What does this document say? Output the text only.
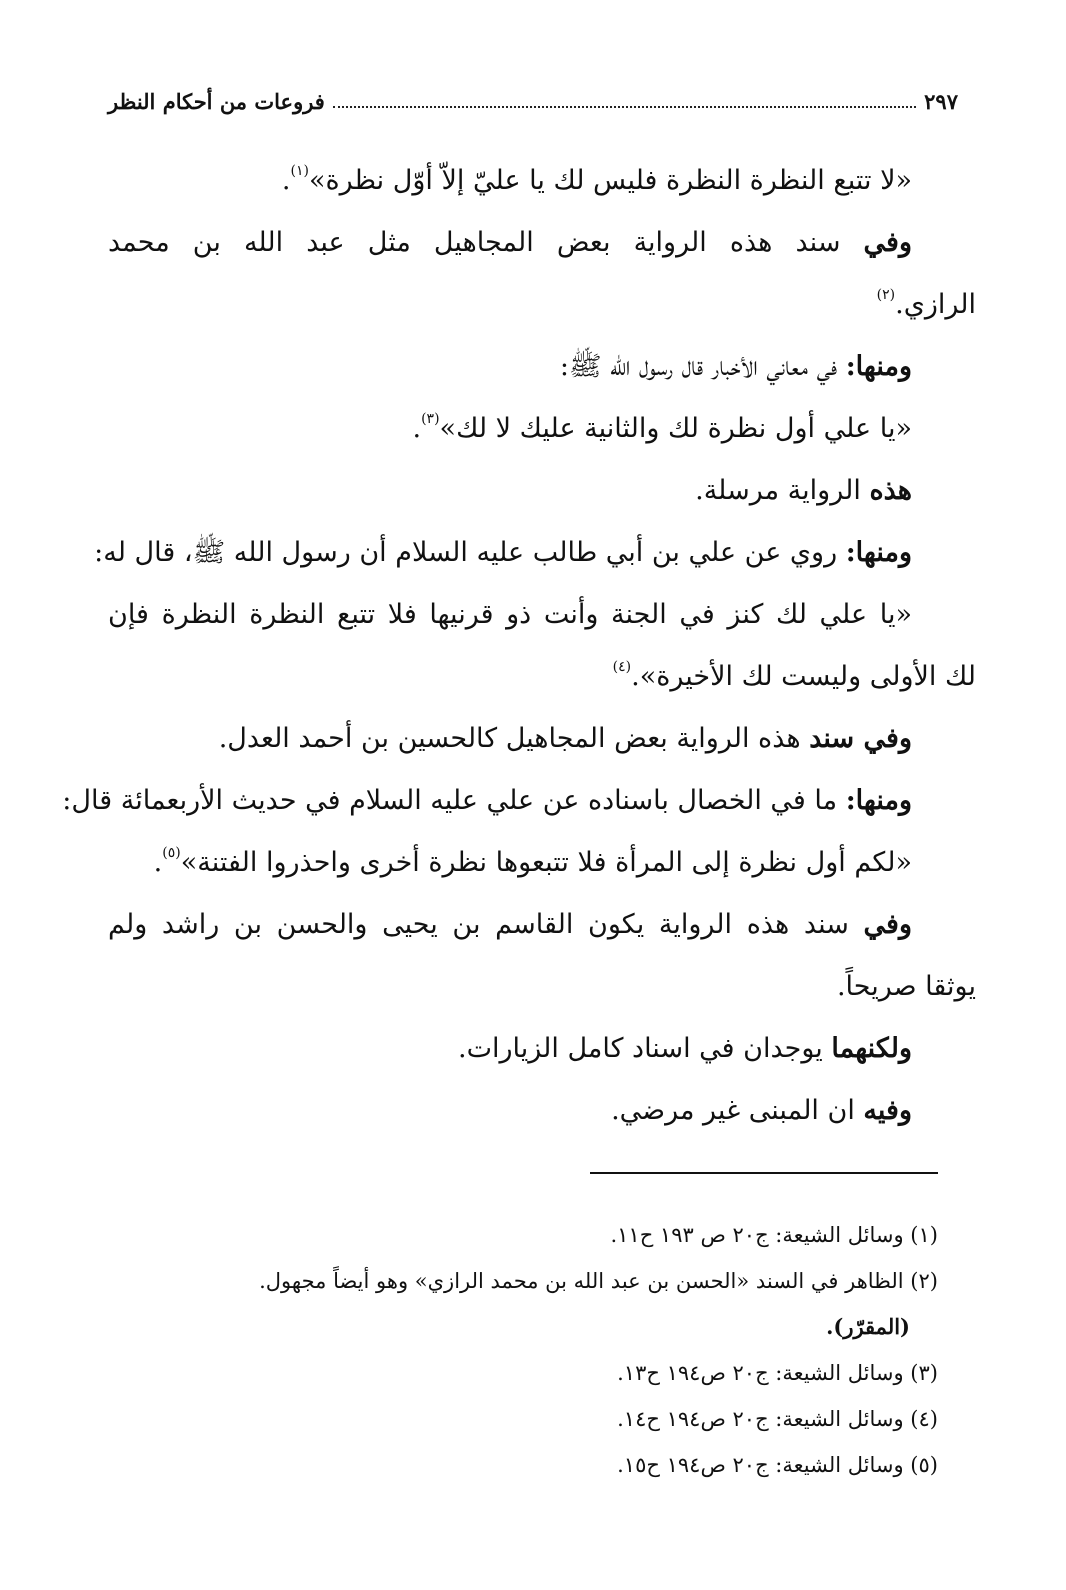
٢٩٧
فروعات من أحكام النظر
«لا تتبع النظرة النظرة فليس لك يا عليّ إلاّ أوّل نظرة»$^{(١)}$.
وفي سند هذه الرواية بعض المجاهيل مثل عبد الله بن محمد
الرازي.$^{(٢)}$
ومنها: في معاني الأخبار قال رسول الله ﷺ:
«يا علي أول نظرة لك والثانية عليك لا لك»$^{(٣)}$.
هذه الرواية مرسلة.
ومنها: روي عن علي بن أبي طالب عليه السلام أن رسول الله ﷺ، قال له:
«يا علي لك كنز في الجنة وأنت ذو قرنيها فلا تتبع النظرة النظرة فإن
لك الأولى وليست لك الأخيرة».$^{(٤)}$
وفي سند هذه الرواية بعض المجاهيل كالحسين بن أحمد العدل.
ومنها: ما في الخصال باسناده عن علي عليه السلام في حديث الأربعمائة قال:
«لكم أول نظرة إلى المرأة فلا تتبعوها نظرة أخرى واحذروا الفتنة»$^{(٥)}$.
وفي سند هذه الرواية يكون القاسم بن يحيى والحسن بن راشد ولم
يوثقا صريحاً.
ولكنهما يوجدان في اسناد كامل الزيارات.
وفيه ان المبنى غير مرضي.
(١) وسائل الشيعة: ج٢٠ ص ١٩٣ ح١١.
(٢) الظاهر في السند «الحسن بن عبد الله بن محمد الرازي» وهو أيضاً مجهول.
(المقرّر).
(٣) وسائل الشيعة: ج٢٠ ص١٩٤ ح١٣.
(٤) وسائل الشيعة: ج٢٠ ص١٩٤ ح١٤.
(٥) وسائل الشيعة: ج٢٠ ص١٩٤ ح١٥.
